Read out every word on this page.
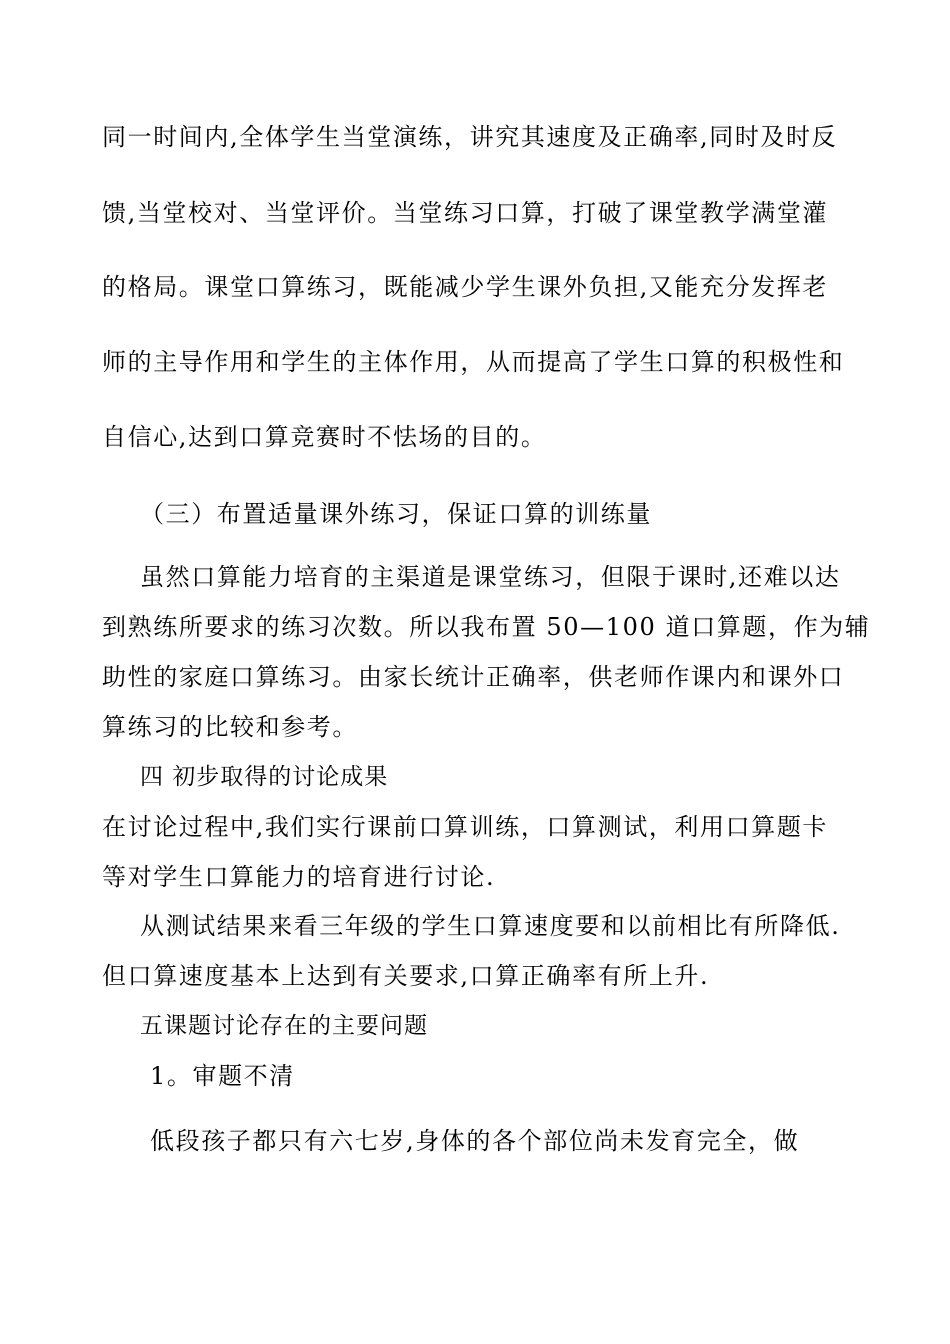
同一时间内,全体学生当堂演练，讲究其速度及正确率,同时及时反
馈,当堂校对、当堂评价。当堂练习口算，打破了课堂教学满堂灌
的格局。课堂口算练习，既能减少学生课外负担,又能充分发挥老
师的主导作用和学生的主体作用，从而提高了学生口算的积极性和
自信心,达到口算竞赛时不怯场的目的。
（三）布置适量课外练习，保证口算的训练量
虽然口算能力培育的主渠道是课堂练习，但限于课时,还难以达
到熟练所要求的练习次数。所以我布置 50—100 道口算题，作为辅
助性的家庭口算练习。由家长统计正确率，供老师作课内和课外口
算练习的比较和参考。
四 初步取得的讨论成果
在讨论过程中,我们实行课前口算训练，口算测试，利用口算题卡
等对学生口算能力的培育进行讨论.
从测试结果来看三年级的学生口算速度要和以前相比有所降低.
但口算速度基本上达到有关要求,口算正确率有所上升.
五课题讨论存在的主要问题
1。审题不清
低段孩子都只有六七岁,身体的各个部位尚未发育完全，做
